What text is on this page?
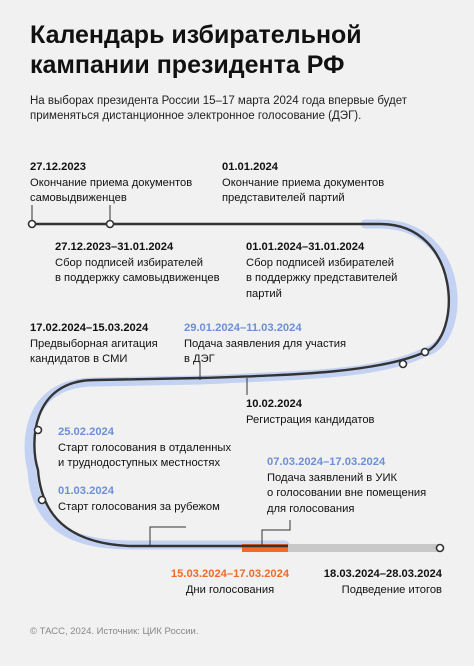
Календарь избирательной кампании президента РФ

На выборах президента России 15–17 марта 2024 года впервые будет применяться дистанционное электронное голосование (ДЭГ).

27.12.2023
Окончание приема документов
самовыдвиженцев
01.01.2024
Окончание приема документов
представителей партий
27.12.2023–31.01.2024
Сбор подписей избирателей
в поддержку самовыдвиженцев
01.01.2024–31.01.2024
Сбор подписей избирателей
в поддержку представителей
партий
17.02.2024–15.03.2024
Предвыборная агитация
кандидатов в СМИ
29.01.2024–11.03.2024
Подача заявления для участия
в ДЭГ
10.02.2024
Регистрация кандидатов
25.02.2024
Старт голосования в отдаленных
и труднодоступных местностях	07.03.2024–17.03.2024
Подача заявлений в УИК
о голосовании вне помещения
для голосования
01.03.2024
Старт голосования за рубежом
15.03.2024–17.03.2024
Дни голосования
18.03.2024–28.03.2024
Подведение итогов
© ТАСС, 2024. Источник: ЦИК России.
